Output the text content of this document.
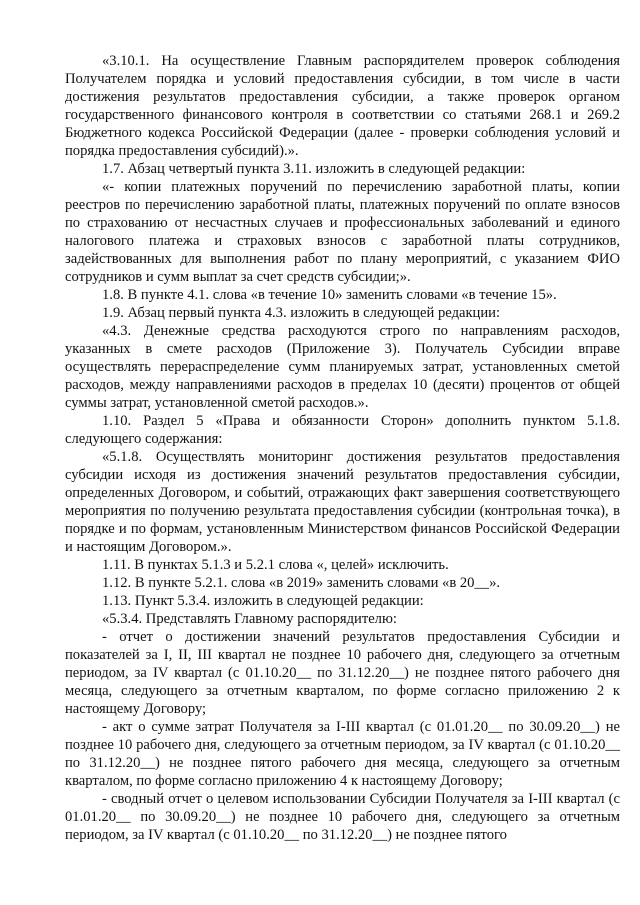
«3.10.1. На осуществление Главным распорядителем проверок соблюдения Получателем порядка и условий предоставления субсидии, в том числе в части достижения результатов предоставления субсидии, а также проверок органом государственного финансового контроля в соответствии со статьями 268.1 и 269.2 Бюджетного кодекса Российской Федерации (далее - проверки соблюдения условий и порядка предоставления субсидий).».

1.7. Абзац четвертый пункта 3.11. изложить в следующей редакции:

«- копии платежных поручений по перечислению заработной платы, копии реестров по перечислению заработной платы, платежных поручений по оплате взносов по страхованию от несчастных случаев и профессиональных заболеваний и единого налогового платежа и страховых взносов с заработной платы сотрудников, задействованных для выполнения работ по плану мероприятий, с указанием ФИО сотрудников и сумм выплат за счет средств субсидии;».

1.8. В пункте 4.1. слова «в течение 10» заменить словами «в течение 15».

1.9. Абзац первый пункта 4.3. изложить в следующей редакции:

«4.3. Денежные средства расходуются строго по направлениям расходов, указанных в смете расходов (Приложение 3). Получатель Субсидии вправе осуществлять перераспределение сумм планируемых затрат, установленных сметой расходов, между направлениями расходов в пределах 10 (десяти) процентов от общей суммы затрат, установленной сметой расходов.».

1.10. Раздел 5 «Права и обязанности Сторон» дополнить пунктом 5.1.8. следующего содержания:

«5.1.8. Осуществлять мониторинг достижения результатов предоставления субсидии исходя из достижения значений результатов предоставления субсидии, определенных Договором, и событий, отражающих факт завершения соответствующего мероприятия по получению результата предоставления субсидии (контрольная точка), в порядке и по формам, установленным Министерством финансов Российской Федерации и настоящим Договором.».

1.11. В пунктах 5.1.3 и 5.2.1 слова «, целей» исключить.

1.12. В пункте 5.2.1. слова «в 2019» заменить словами «в 20__».

1.13. Пункт 5.3.4. изложить в следующей редакции:

«5.3.4. Представлять Главному распорядителю:

- отчет о достижении значений результатов предоставления Субсидии и показателей за I, II, III квартал не позднее 10 рабочего дня, следующего за отчетным периодом, за IV квартал (с 01.10.20__ по 31.12.20__) не позднее пятого рабочего дня месяца, следующего за отчетным кварталом, по форме согласно приложению 2 к настоящему Договору;

- акт о сумме затрат Получателя за I-III квартал (с 01.01.20__ по 30.09.20__) не позднее 10 рабочего дня, следующего за отчетным периодом, за IV квартал (с 01.10.20__ по 31.12.20__) не позднее пятого рабочего дня месяца, следующего за отчетным кварталом, по форме согласно приложению 4 к настоящему Договору;

- сводный отчет о целевом использовании Субсидии Получателя за I-III квартал (с 01.01.20__ по 30.09.20__) не позднее 10 рабочего дня, следующего за отчетным периодом, за IV квартал (с 01.10.20__ по 31.12.20__) не позднее пятого
